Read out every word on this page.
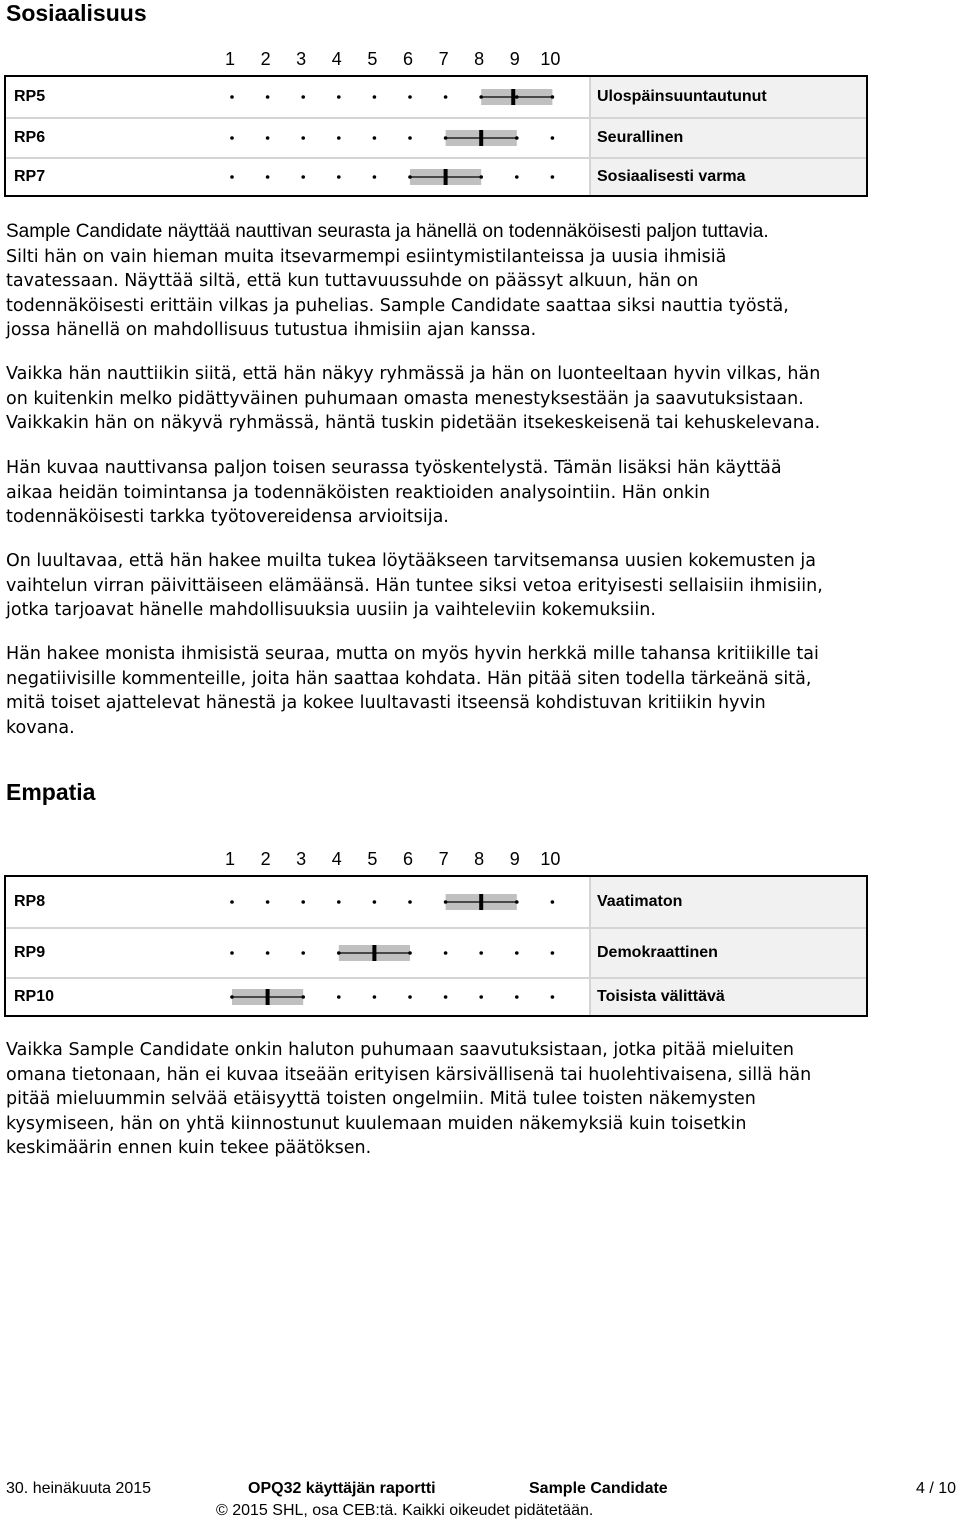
Sosiaalisuus
1	2	3	4	5	6	7	8	9	10
RP5	Ulospäinsuuntautunut
RP6	Seurallinen
RP7	Sosiaalisesti varma
Sample Candidate näyttää nauttivan seurasta ja hänellä on todennäköisesti paljon tuttavia.
Silti hän on vain hieman muita itsevarmempi esiintymistilanteissa ja uusia ihmisiä
tavatessaan. Näyttää siltä, että kun tuttavuussuhde on päässyt alkuun, hän on
todennäköisesti erittäin vilkas ja puhelias. Sample Candidate saattaa siksi nauttia työstä,
jossa hänellä on mahdollisuus tutustua ihmisiin ajan kanssa.
Vaikka hän nauttiikin siitä, että hän näkyy ryhmässä ja hän on luonteeltaan hyvin vilkas, hän
on kuitenkin melko pidättyväinen puhumaan omasta menestyksestään ja saavutuksistaan.
Vaikkakin hän on näkyvä ryhmässä, häntä tuskin pidetään itsekeskeisenä tai kehuskelevana.
Hän kuvaa nauttivansa paljon toisen seurassa työskentelystä. Tämän lisäksi hän käyttää
aikaa heidän toimintansa ja todennäköisten reaktioiden analysointiin. Hän onkin
todennäköisesti tarkka työtovereidensa arvioitsija.
On luultavaa, että hän hakee muilta tukea löytääkseen tarvitsemansa uusien kokemusten ja
vaihtelun virran päivittäiseen elämäänsä. Hän tuntee siksi vetoa erityisesti sellaisiin ihmisiin,
jotka tarjoavat hänelle mahdollisuuksia uusiin ja vaihteleviin kokemuksiin.
Hän hakee monista ihmisistä seuraa, mutta on myös hyvin herkkä mille tahansa kritiikille tai
negatiivisille kommenteille, joita hän saattaa kohdata. Hän pitää siten todella tärkeänä sitä,
mitä toiset ajattelevat hänestä ja kokee luultavasti itseensä kohdistuvan kritiikin hyvin
kovana.
Empatia
1	2	3	4	5	6	7	8	9	10
RP8	Vaatimaton
RP9	Demokraattinen
RP10	Toisista välittävä
Vaikka Sample Candidate onkin haluton puhumaan saavutuksistaan, jotka pitää mieluiten
omana tietonaan, hän ei kuvaa itseään erityisen kärsivällisenä tai huolehtivaisena, sillä hän
pitää mieluummin selvää etäisyyttä toisten ongelmiin. Mitä tulee toisten näkemysten
kysymiseen, hän on yhtä kiinnostunut kuulemaan muiden näkemyksiä kuin toisetkin
keskimäärin ennen kuin tekee päätöksen.
30. heinäkuuta 2015	OPQ32 käyttäjän raportti	Sample Candidate	4 / 10
© 2015 SHL, osa CEB:tä. Kaikki oikeudet pidätetään.
